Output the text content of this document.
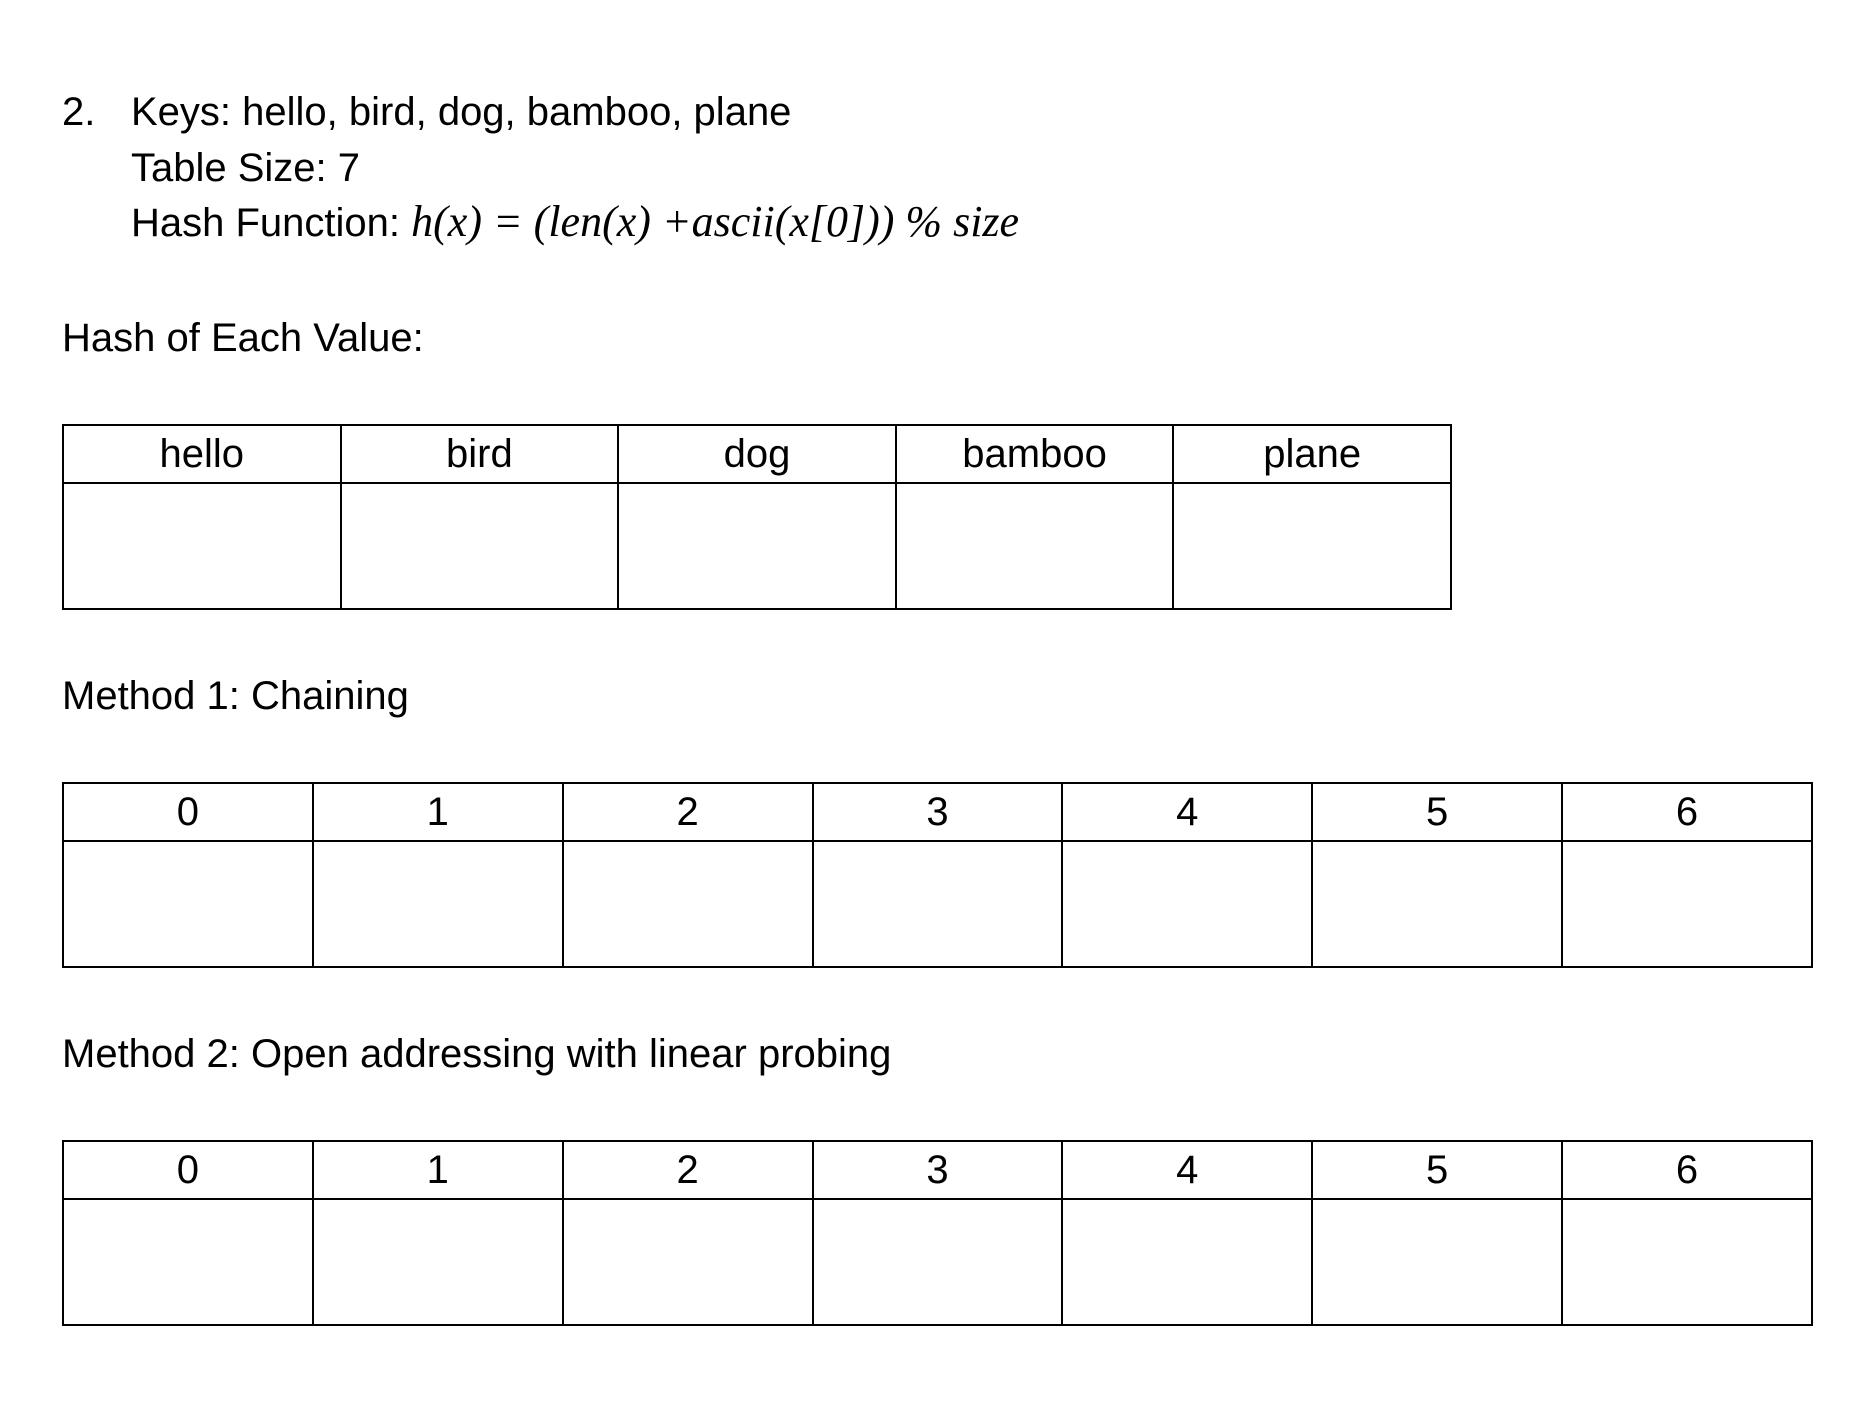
2. Keys: hello, bird, dog, bamboo, plane
Table Size: 7
Hash Function: h(x) = (len(x) +ascii(x[0])) % size
Hash of Each Value:
hello	bird	dog	bamboo	plane

Method 1: Chaining
0	1	2	3	4	5	6

Method 2: Open addressing with linear probing
0	1	2	3	4	5	6
